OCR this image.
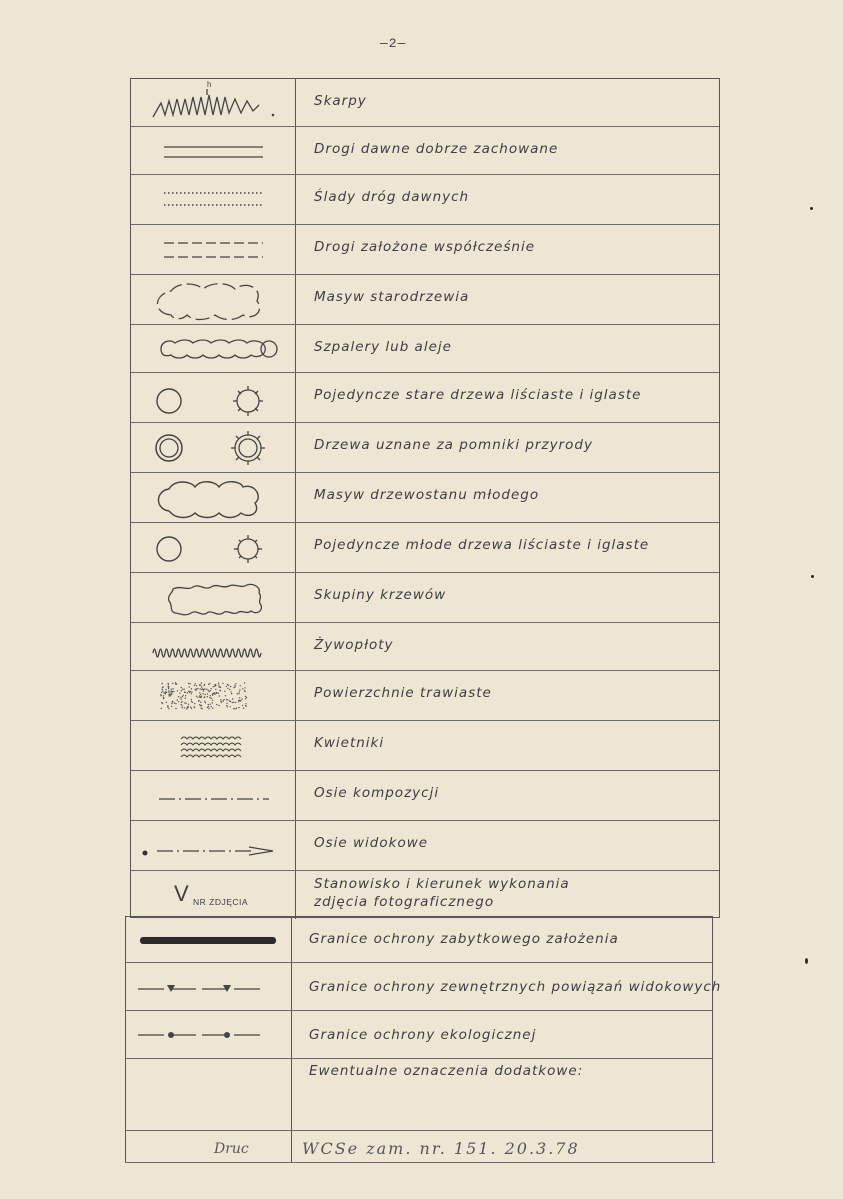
—2—
h
Skarpy
Drogi dawne dobrze zachowane
Ślady dróg dawnych
Drogi założone współcześnie
Masyw starodrzewia
Szpalery lub aleje
Pojedyncze stare drzewa liściaste i iglaste
Drzewa uznane za pomniki przyrody
Masyw drzewostanu młodego
Pojedyncze młode drzewa liściaste i iglaste
Skupiny krzewów
Żywopłoty
Powierzchnie trawiaste
Kwietniki
Osie kompozycji
Osie widokowe
V NR ZDJĘCIA
Stanowisko i kierunek wykonania
zdjęcia fotograficznego
Granice ochrony zabytkowego założenia
Granice ochrony zewnętrznych powiązań widokowych
Granice ochrony ekologicznej
Ewentualne oznaczenia dodatkowe:
Druc	WCSe zam. nr. 151. 20.3.78
